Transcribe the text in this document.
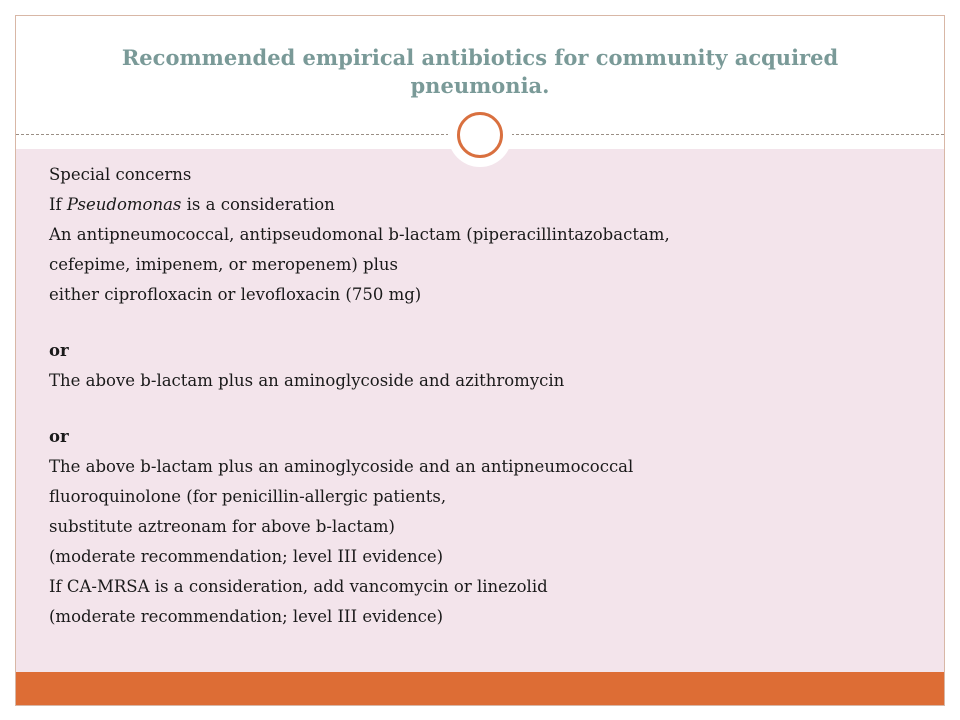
Recommended empirical antibiotics for community acquired pneumonia.
Special concerns
If Pseudomonas is a consideration
An antipneumococcal, antipseudomonal b-lactam (piperacillintazobactam,
cefepime, imipenem, or meropenem) plus
either ciprofloxacin or levofloxacin (750 mg)
or
The above b-lactam plus an aminoglycoside and azithromycin
or
The above b-lactam plus an aminoglycoside and an antipneumococcal
fluoroquinolone (for penicillin-allergic patients,
substitute aztreonam for above b-lactam)
(moderate recommendation; level III evidence)
If CA-MRSA is a consideration, add vancomycin or linezolid
(moderate recommendation; level III evidence)
